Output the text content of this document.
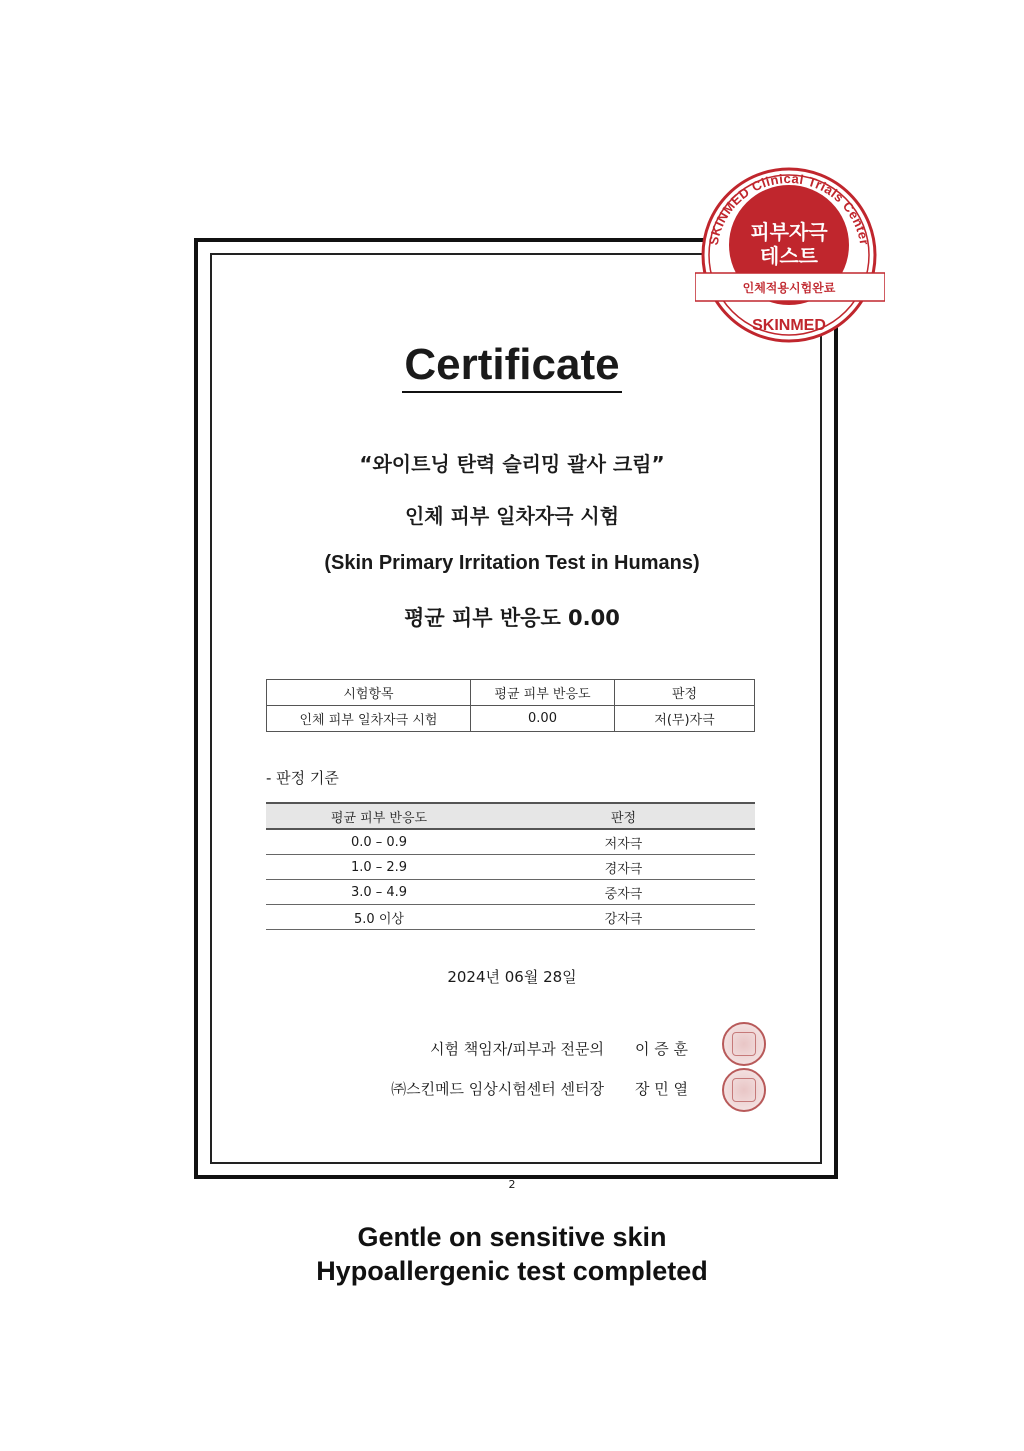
Certificate
“와이트닝 탄력 슬리밍 괄사 크림”
인체 피부 일차자극 시험
(Skin Primary Irritation Test in Humans)
평균 피부 반응도 0.00
시험항목	평균 피부 반응도	판정
인체 피부 일차자극 시험	0.00	저(무)자극
- 판정 기준
평균 피부 반응도	판정
0.0 – 0.9	저자극
1.0 – 2.9	경자극
3.0 – 4.9	중자극
5.0 이상	강자극
2024년 06월 28일
시험 책임자/피부과 전문의 이 증 훈
㈜스킨메드 임상시험센터 센터장 장 민 열
2
SKINMED Clinical Trials Center
피부자극
테스트
인체적용시험완료
SKINMED
Gentle on sensitive skin
Hypoallergenic test completed
